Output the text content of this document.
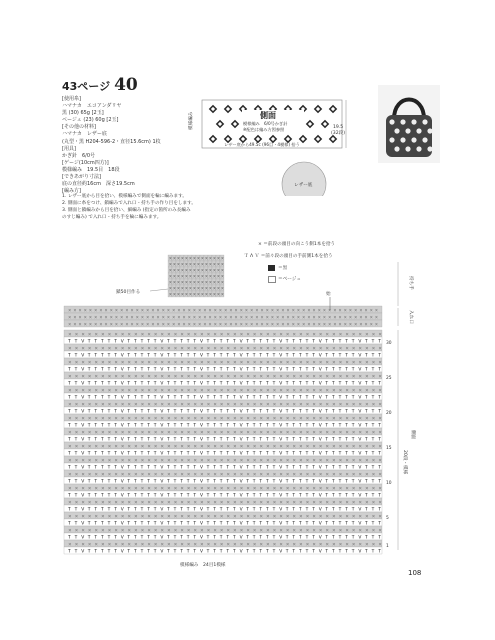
43ページ 40
[使用糸]
ハマナカ　エコアンダリヤ
黒 (30) 65g [2玉]
ベージュ (23) 60g [2玉]
[その他の材料]
ハマナカ　レザー底
(丸型・黒 H204-596-2・直径15.6cm) 1枚
[用具]
かぎ針　6/0号
[ゲージ(10cm四方)]
模様編み　19.5目　18段
[できあがり寸法]
底の直径約16cm　深さ19.5cm
[編み方]
1. レザー底から目を拾い、模様編みで側面を輪に編みます。
2. 側面に糸をつけ、鎖編みで入れ口・持ち手の作り目をします。
3. 側面と鎖編みから目を拾い、細編み (指定の箇所のみ長編み
のすじ編み) で入れ口・持ち手を輪に編みます。
19.5
(32段)
模様編み	側面
模様編み　6/0号かぎ針
※配色は編み方図参照
レザー底から49.5c (96目・4模様) 拾う
レザー底
× ＝前段の頭目の向こう側1本を拾う
Ｔ Λ Ｖ ＝前々段の頭目の手前側1本を拾う
＝黒
＝ベージュ
× × × × × × × × × × × × × ×
× × × × × × × × × × × × × ×
× × × × × × × × × × × × × ×
× × × × × × × × × × × × × ×
× × × × × × × × × × × × × ×
× × × × × × × × × × × × × ×
× × × × × × × × × × × × × ×
× × × × × × × × × × × × × × × × × × × × × × × × × × × × × × × × × × × × × × × × × × × × × × × × × × × × × × × × × × × ×
× × × × × × × × × × × × × × × × × × × × × × × × × × × × × × × × × × × × × × × × × × × × × × × × × × × × × × × × × × × ×
× × × × × × × × × × × × × × × × × × × × × × × × × × × × × × × × × × × × × × × × × × × × × × × × × × × × × × × × × × × ×
× × × × × × × × × × × × × × × × × × × × × × × × × × × × × × × × × × × × × × × × × × × × × × × ×
T T V T T T T T V T T T T T V T T T T T V T T T T T V T T T T T V T T T T T V T T T T T V T T T
× × × × × × × × × × × × × × × × × × × × × × × × × × × × × × × × × × × × × × × × × × × × × × × ×
T T V T T T T T V T T T T T V T T T T T V T T T T T V T T T T T V T T T T T V T T T T T V T T T
× × × × × × × × × × × × × × × × × × × × × × × × × × × × × × × × × × × × × × × × × × × × × × × ×
T T V T T T T T V T T T T T V T T T T T V T T T T T V T T T T T V T T T T T V T T T T T V T T T
× × × × × × × × × × × × × × × × × × × × × × × × × × × × × × × × × × × × × × × × × × × × × × × ×
T T V T T T T T V T T T T T V T T T T T V T T T T T V T T T T T V T T T T T V T T T T T V T T T
× × × × × × × × × × × × × × × × × × × × × × × × × × × × × × × × × × × × × × × × × × × × × × × ×
T T V T T T T T V T T T T T V T T T T T V T T T T T V T T T T T V T T T T T V T T T T T V T T T
× × × × × × × × × × × × × × × × × × × × × × × × × × × × × × × × × × × × × × × × × × × × × × × ×
T T V T T T T T V T T T T T V T T T T T V T T T T T V T T T T T V T T T T T V T T T T T V T T T
× × × × × × × × × × × × × × × × × × × × × × × × × × × × × × × × × × × × × × × × × × × × × × × ×
T T V T T T T T V T T T T T V T T T T T V T T T T T V T T T T T V T T T T T V T T T T T V T T T
× × × × × × × × × × × × × × × × × × × × × × × × × × × × × × × × × × × × × × × × × × × × × × × ×
T T V T T T T T V T T T T T V T T T T T V T T T T T V T T T T T V T T T T T V T T T T T V T T T
× × × × × × × × × × × × × × × × × × × × × × × × × × × × × × × × × × × × × × × × × × × × × × × ×
T T V T T T T T V T T T T T V T T T T T V T T T T T V T T T T T V T T T T T V T T T T T V T T T
× × × × × × × × × × × × × × × × × × × × × × × × × × × × × × × × × × × × × × × × × × × × × × × ×
T T V T T T T T V T T T T T V T T T T T V T T T T T V T T T T T V T T T T T V T T T T T V T T T
× × × × × × × × × × × × × × × × × × × × × × × × × × × × × × × × × × × × × × × × × × × × × × × ×
T T V T T T T T V T T T T T V T T T T T V T T T T T V T T T T T V T T T T T V T T T T T V T T T
× × × × × × × × × × × × × × × × × × × × × × × × × × × × × × × × × × × × × × × × × × × × × × × ×
T T V T T T T T V T T T T T V T T T T T V T T T T T V T T T T T V T T T T T V T T T T T V T T T
× × × × × × × × × × × × × × × × × × × × × × × × × × × × × × × × × × × × × × × × × × × × × × × ×
T T V T T T T T V T T T T T V T T T T T V T T T T T V T T T T T V T T T T T V T T T T T V T T T
× × × × × × × × × × × × × × × × × × × × × × × × × × × × × × × × × × × × × × × × × × × × × × × ×
T T V T T T T T V T T T T T V T T T T T V T T T T T V T T T T T V T T T T T V T T T T T V T T T
× × × × × × × × × × × × × × × × × × × × × × × × × × × × × × × × × × × × × × × × × × × × × × × ×
T T V T T T T T V T T T T T V T T T T T V T T T T T V T T T T T V T T T T T V T T T T T V T T T
× × × × × × × × × × × × × × × × × × × × × × × × × × × × × × × × × × × × × × × × × × × × × × × ×
T T V T T T T T V T T T T T V T T T T T V T T T T T V T T T T T V T T T T T V T T T T T V T T T
30
25
20
15
10
5
1
鎖50目作る	始
持ち手
入れ口
側面
20段・模様
模様編み　24目1模様
108
